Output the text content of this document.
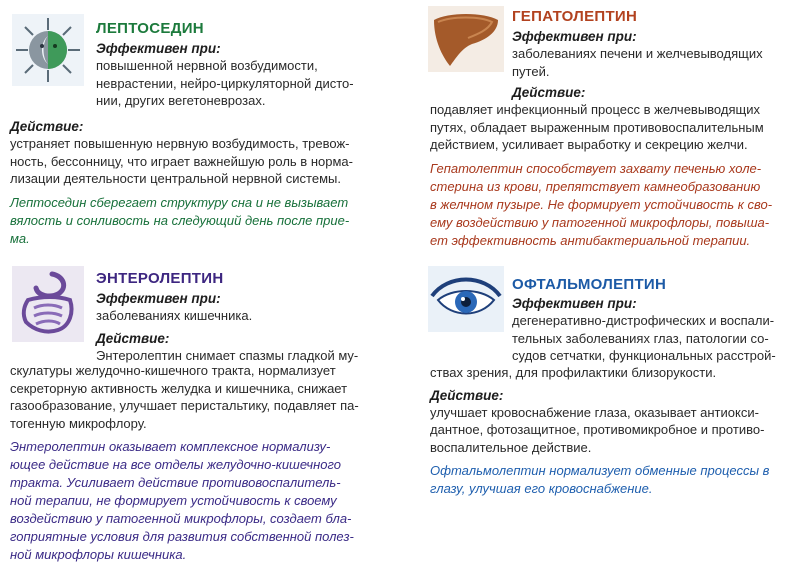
ЛЕПТОСЕДИН
Эффективен при:
повышенной нервной возбудимости,
неврастении, нейро-циркуляторной дисто-
нии, других вегетоневрозах.
Действие:
устраняет повышенную нервную возбудимость, тревож-
ность, бессонницу, что играет важнейшую роль в норма-
лизации деятельности центральной нервной системы.
Лептоседин сберегает структуру сна и не вызывает
вялость и сонливость на следующий день после прие-
ма.
ГЕПАТОЛЕПТИН
Эффективен при:
заболеваниях печени и желчевыводящих
путей.
Действие:
подавляет инфекционный процесс в желчевыводящих
путях, обладает выраженным противовоспалительным
действием, усиливает выработку и секрецию желчи.
Гепатолептин способствует захвату печенью холе-
стерина из крови, препятствует камнеобразованию
в желчном пузыре. Не формирует устойчивость к сво-
ему воздействию у патогенной микрофлоры, повыша-
ет эффективность антибактериальной терапии.
ЭНТЕРОЛЕПТИН
Эффективен при:
заболеваниях кишечника.
Действие:
Энтеролептин снимает спазмы гладкой му-
скулатуры желудочно-кишечного тракта, нормализует
секреторную активность желудка и кишечника, снижает
газообразование, улучшает перистальтику, подавляет па-
тогенную микрофлору.
Энтеролептин оказывает комплексное нормализу-
ющее действие на все отделы желудочно-кишечного
тракта. Усиливает действие противовоспалитель-
ной терапии, не формирует устойчивость к своему
воздействию у патогенной микрофлоры, создает бла-
гоприятные условия для развития собственной полез-
ной микрофлоры кишечника.
ОФТАЛЬМОЛЕПТИН
Эффективен при:
дегенеративно-дистрофических и воспали-
тельных заболеваниях глаз, патологии со-
судов сетчатки, функциональных расстрой-
ствах зрения, для профилактики близорукости.
Действие:
улучшает кровоснабжение глаза, оказывает антиокси-
дантное, фотозащитное, противомикробное и противо-
воспалительное действие.
Офтальмолептин нормализует обменные процессы в
глазу, улучшая его кровоснабжение.
